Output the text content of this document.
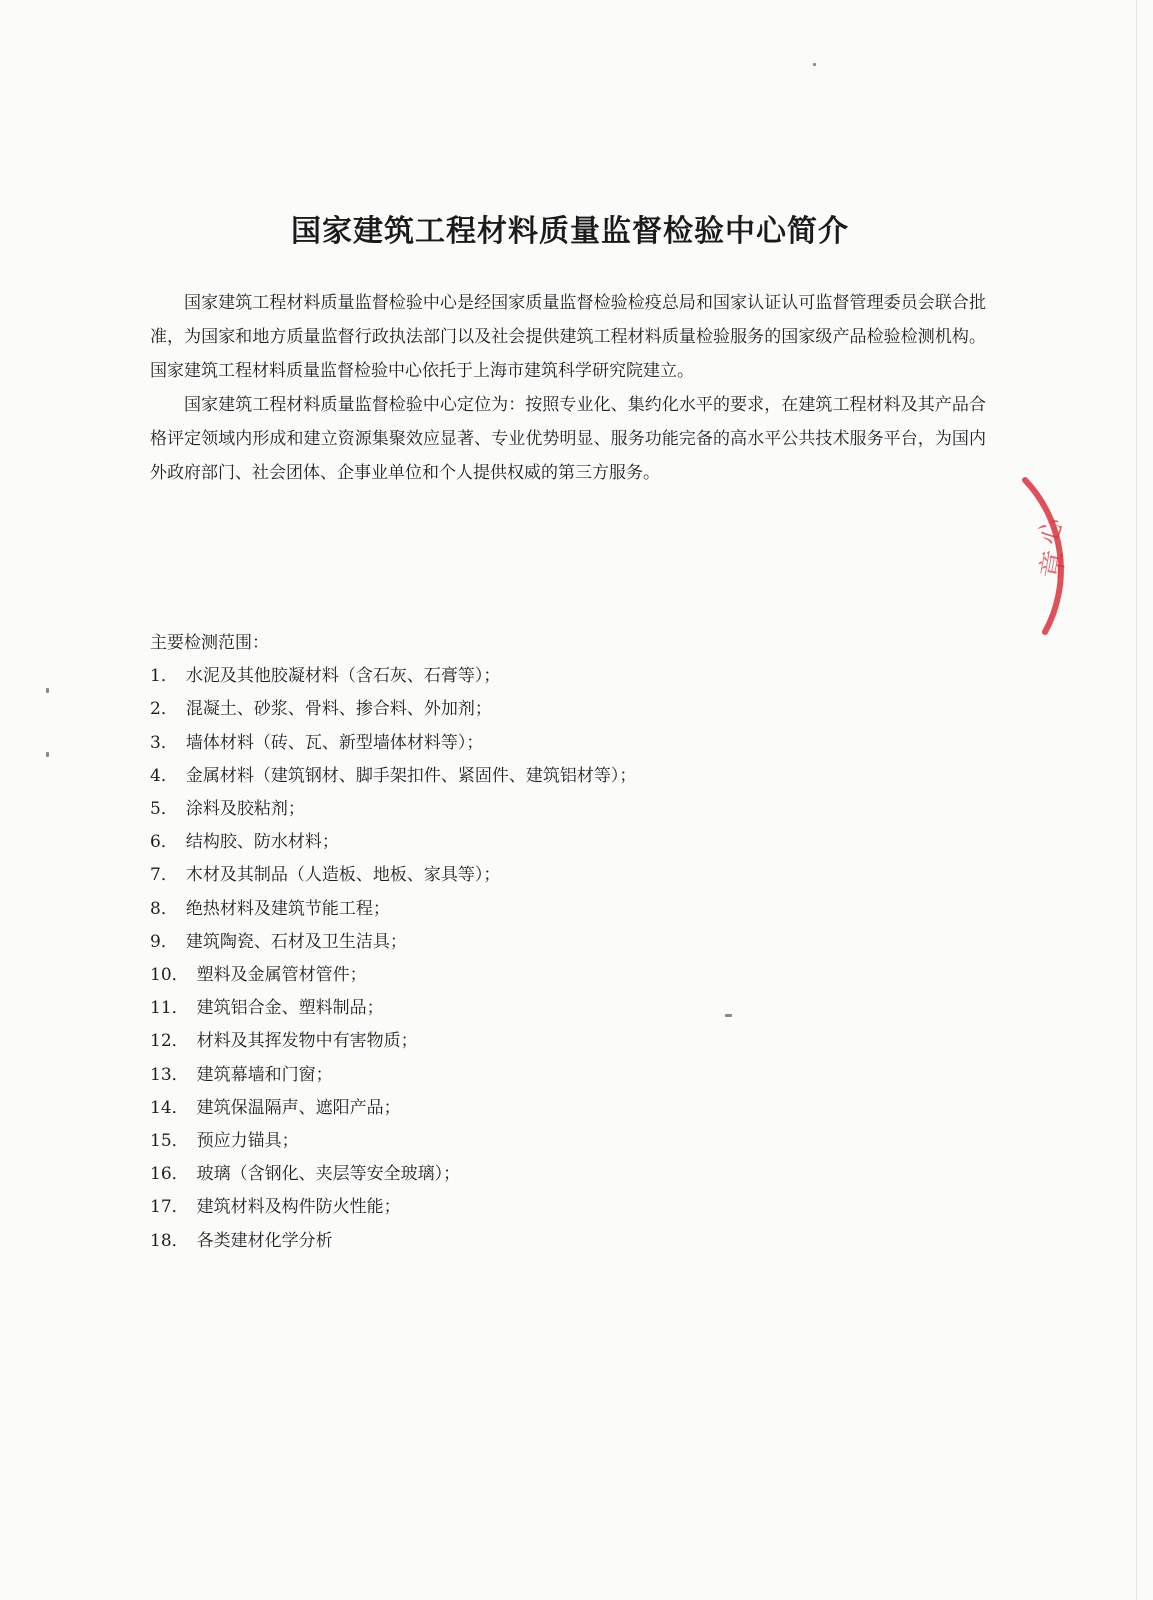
国家建筑工程材料质量监督检验中心简介

国家建筑工程材料质量监督检验中心是经国家质量监督检验检疫总局和国家认证认可监督管理委员会联合批准，为国家和地方质量监督行政执法部门以及社会提供建筑工程材料质量检验服务的国家级产品检验检测机构。国家建筑工程材料质量监督检验中心依托于上海市建筑科学研究院建立。

国家建筑工程材料质量监督检验中心定位为：按照专业化、集约化水平的要求，在建筑工程材料及其产品合格评定领域内形成和建立资源集聚效应显著、专业优势明显、服务功能完备的高水平公共技术服务平台，为国内外政府部门、社会团体、企事业单位和个人提供权威的第三方服务。

主要检测范围：

1． 水泥及其他胶凝材料（含石灰、石膏等）；
2． 混凝土、砂浆、骨料、掺合料、外加剂；
3． 墙体材料（砖、瓦、新型墙体材料等）；
4． 金属材料（建筑钢材、脚手架扣件、紧固件、建筑铝材等）；
5． 涂料及胶粘剂；
6． 结构胶、防水材料；
7． 木材及其制品（人造板、地板、家具等）；
8． 绝热材料及建筑节能工程；
9． 建筑陶瓷、石材及卫生洁具；
10． 塑料及金属管材管件；
11． 建筑铝合金、塑料制品；
12． 材料及其挥发物中有害物质；
13． 建筑幕墙和门窗；
14． 建筑保温隔声、遮阳产品；
15． 预应力锚具；
16． 玻璃（含钢化、夹层等安全玻璃）；
17． 建筑材料及构件防火性能；
18． 各类建材化学分析
心
章
